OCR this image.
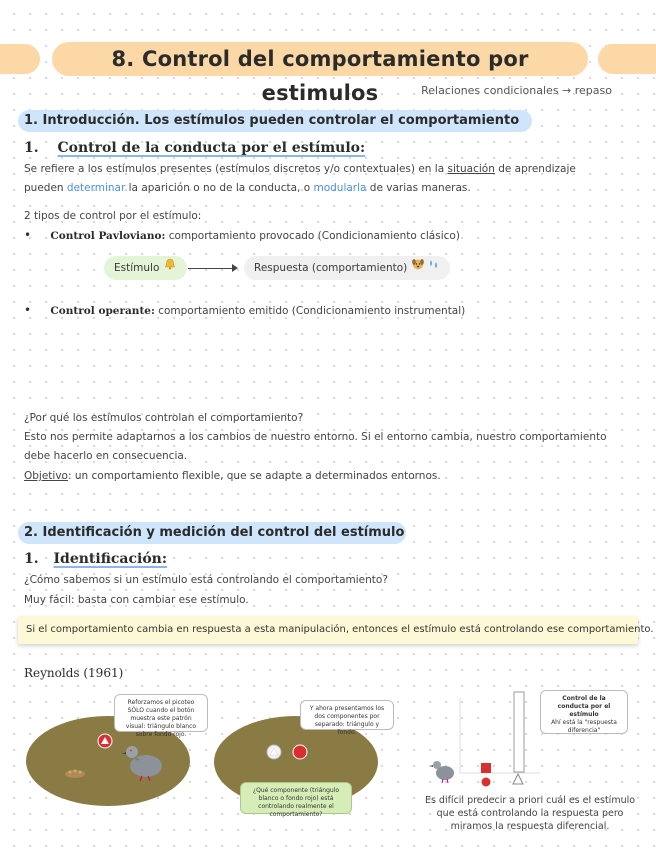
8. Control del comportamiento por estimulos	Relaciones condicionales → repaso
1. Introducción. Los estímulos pueden controlar el comportamiento
1. Control de la conducta por el estímulo:
Se refiere a los estímulos presentes (estímulos discretos y/o contextuales) en la situación de aprendizaje
pueden determinar la aparición o no de la conducta, o modularla de varias maneras.
2 tipos de control por el estímulo:
• Control Pavloviano: comportamiento provocado (Condicionamiento clásico)
Estímulo	Respuesta (comportamiento)
• Control operante: comportamiento emitido (Condicionamiento instrumental)
¿Por qué los estímulos controlan el comportamiento?
Esto nos permite adaptarnos a los cambios de nuestro entorno. Si el entorno cambia, nuestro comportamiento
debe hacerlo en consecuencia.
Objetivo: un comportamiento flexible, que se adapte a determinados entornos.
2. Identificación y medición del control del estímulo
1. Identificación:
¿Cómo sabemos si un estímulo está controlando el comportamiento?
Muy fácil: basta con cambiar ese estímulo.
Si el comportamiento cambia en respuesta a esta manipulación, entonces el estímulo está controlando ese comportamiento.
Reynolds (1961)
Reforzamos el picoteo SÓLO cuando el botón muestra este patrón visual: triángulo blanco sobre fondo rojo.
Y ahora presentamos los dos componentes por separado: triángulo y fondo.
¿Qué componente (triángulo blanco o fondo rojo) está controlando realmente el comportamiento?
Control de la conducta por el estímulo
Ahí está la "respuesta diferencia"
Es difícil predecir a priori cuál es el estímulo
que está controlando la respuesta pero
miramos la respuesta diferencial.
